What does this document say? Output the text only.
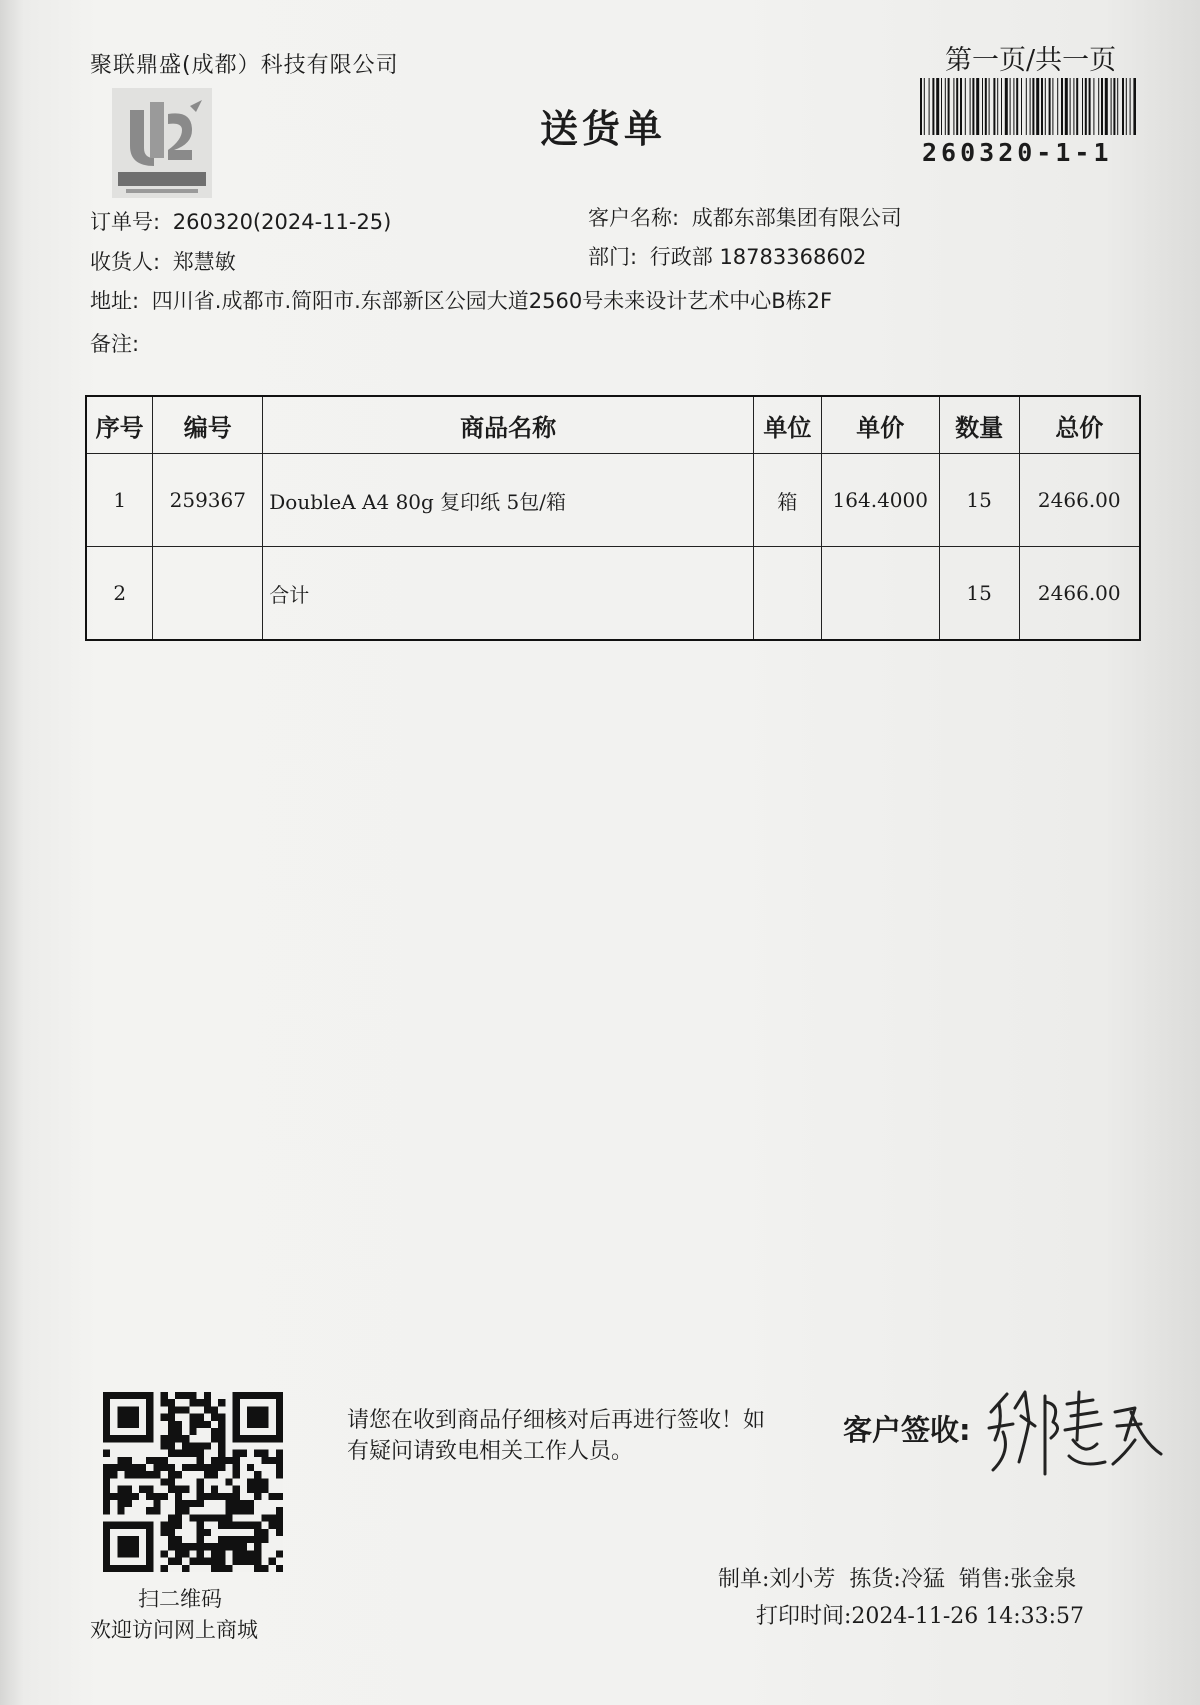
聚联鼎盛(成都）科技有限公司
送货单
第一页/共一页
260320-1-1
订单号: 260320(2024-11-25)	客户名称: 成都东部集团有限公司
收货人: 郑慧敏	部门: 行政部 18783368602
地址: 四川省.成都市.简阳市.东部新区公园大道2560号未来设计艺术中心B栋2F
备注:
序号	编号	商品名称	单位	单价	数量	总价
1	259367	DoubleA A4 80g 复印纸 5包/箱	箱	164.4000	15	2466.00
2		合计			15	2466.00
扫二维码
欢迎访问网上商城
请您在收到商品仔细核对后再进行签收！如有疑问请致电相关工作人员。
客户签收:
制单:刘小芳 拣货:冷猛 销售:张金泉
打印时间:2024-11-26 14:33:57
